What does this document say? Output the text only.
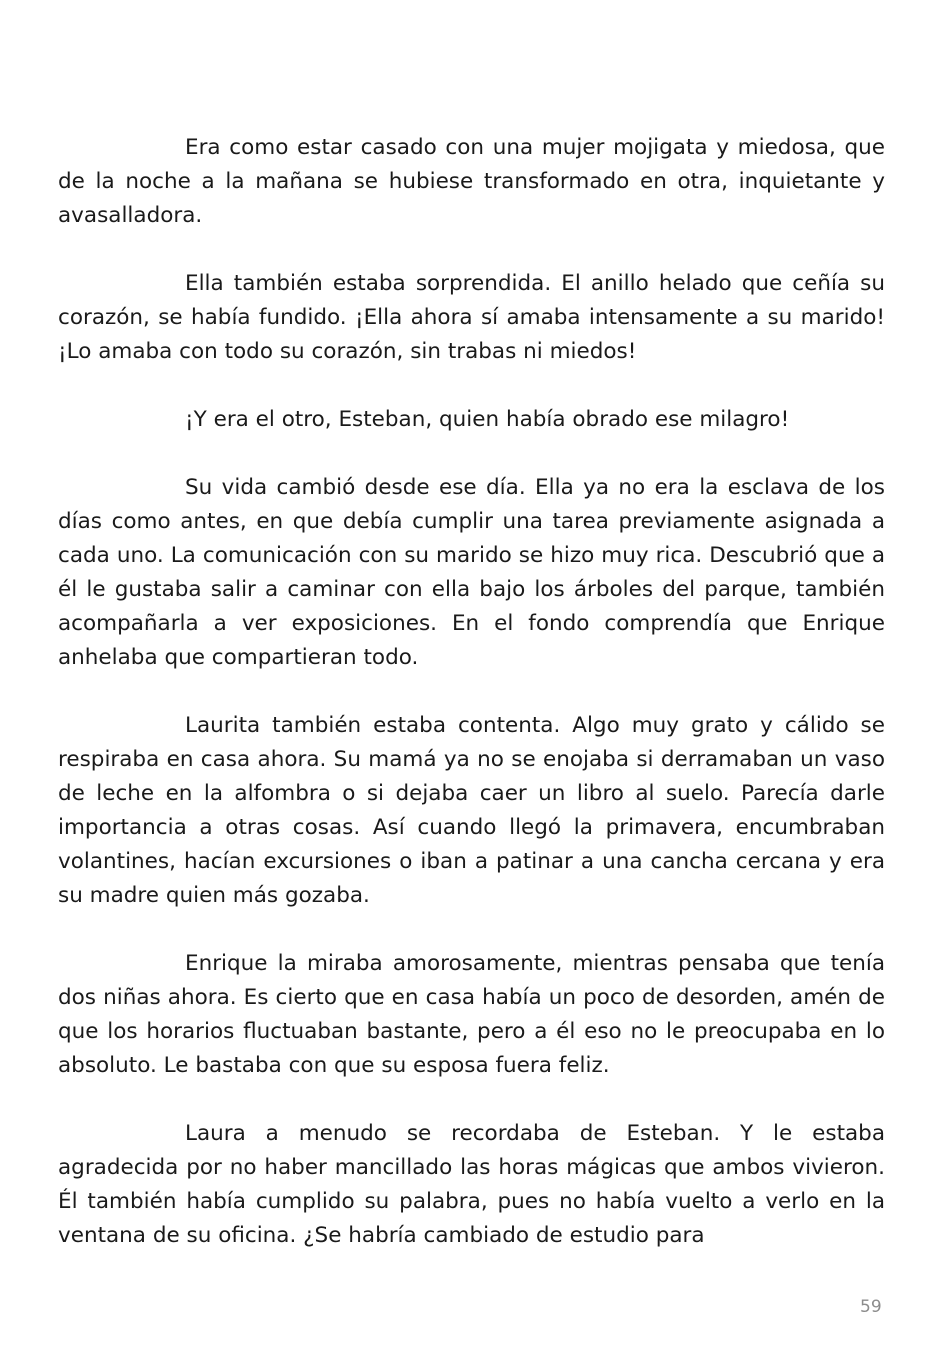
Era como estar casado con una mujer mojigata y miedosa, que de la noche a la mañana se hubiese transformado en otra, inquietante y avasalladora.

Ella también estaba sorprendida. El anillo helado que ceñía su corazón, se había fundido. ¡Ella ahora sí amaba intensamente a su marido! ¡Lo amaba con todo su corazón, sin trabas ni miedos!

¡Y era el otro, Esteban, quien había obrado ese milagro!

Su vida cambió desde ese día. Ella ya no era la esclava de los días como antes, en que debía cumplir una tarea previamente asignada a cada uno. La comunicación con su marido se hizo muy rica. Descubrió que a él le gustaba salir a caminar con ella bajo los árboles del parque, también acompañarla a ver exposiciones. En el fondo comprendía que Enrique anhelaba que compartieran todo.

Laurita también estaba contenta. Algo muy grato y cálido se respiraba en casa ahora. Su mamá ya no se enojaba si derramaban un vaso de leche en la alfombra o si dejaba caer un libro al suelo. Parecía darle importancia a otras cosas. Así cuando llegó la primavera, encumbraban volantines, hacían excursiones o iban a patinar a una cancha cercana y era su madre quien más gozaba.

Enrique la miraba amorosamente, mientras pensaba que tenía dos niñas ahora. Es cierto que en casa había un poco de desorden, amén de que los horarios fluctuaban bastante, pero a él eso no le preocupaba en lo absoluto. Le bastaba con que su esposa fuera feliz.

Laura a menudo se recordaba de Esteban. Y le estaba agradecida por no haber mancillado las horas mágicas que ambos vivieron. Él también había cumplido su palabra, pues no había vuelto a verlo en la ventana de su oficina. ¿Se habría cambiado de estudio para

59
